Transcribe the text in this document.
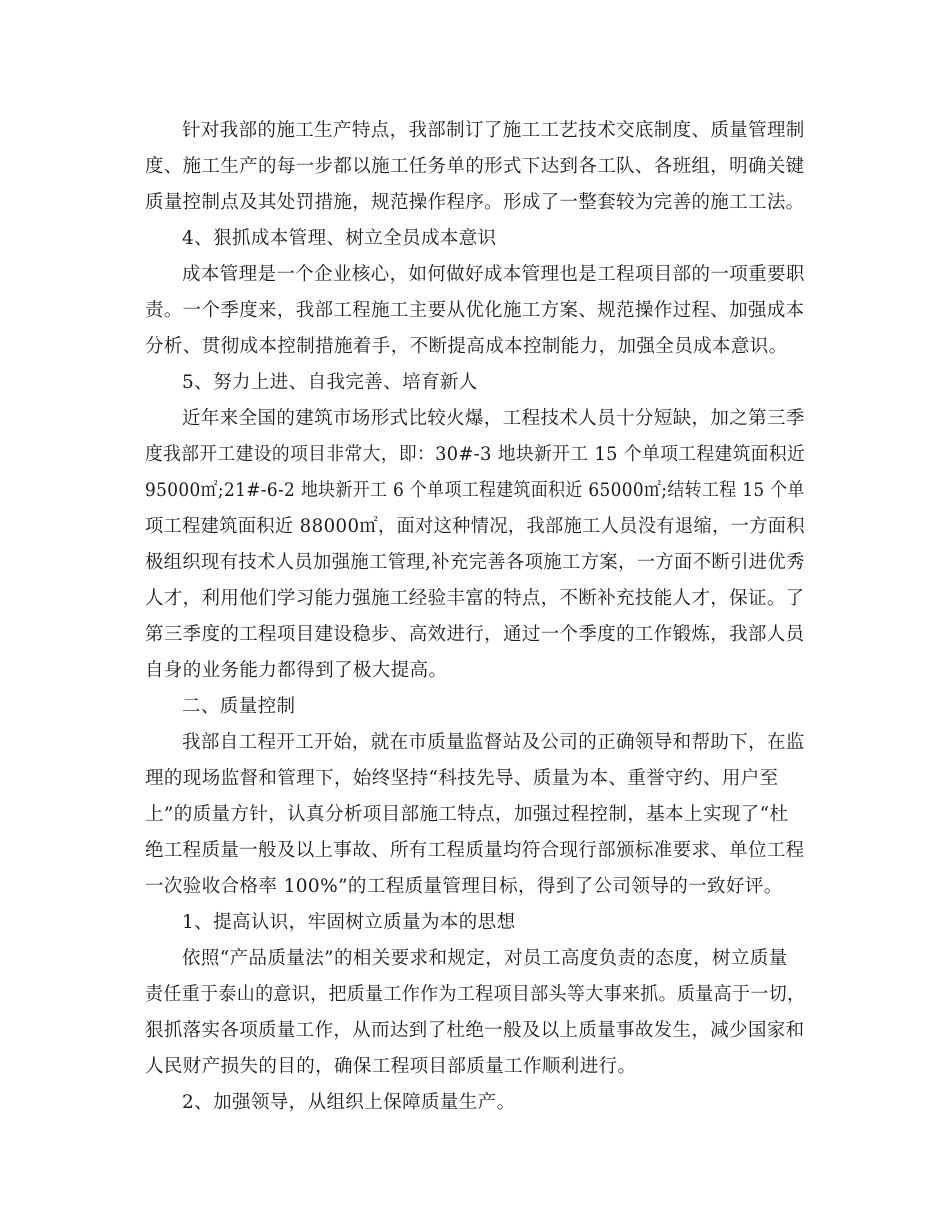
针对我部的施工生产特点，我部制订了施工工艺技术交底制度、质量管理制
度、施工生产的每一步都以施工任务单的形式下达到各工队、各班组，明确关键
质量控制点及其处罚措施，规范操作程序。形成了一整套较为完善的施工工法。
4、狠抓成本管理、树立全员成本意识
成本管理是一个企业核心，如何做好成本管理也是工程项目部的一项重要职
责。一个季度来，我部工程施工主要从优化施工方案、规范操作过程、加强成本
分析、贯彻成本控制措施着手，不断提高成本控制能力，加强全员成本意识。
5、努力上进、自我完善、培育新人
近年来全国的建筑市场形式比较火爆，工程技术人员十分短缺，加之第三季
度我部开工建设的项目非常大，即：30#-3 地块新开工 15 个单项工程建筑面积近
95000㎡;21#-6-2 地块新开工 6 个单项工程建筑面积近 65000㎡;结转工程 15 个单
项工程建筑面积近 88000㎡，面对这种情况，我部施工人员没有退缩，一方面积
极组织现有技术人员加强施工管理,补充完善各项施工方案，一方面不断引进优秀
人才，利用他们学习能力强施工经验丰富的特点，不断补充技能人才，保证。了
第三季度的工程项目建设稳步、高效进行，通过一个季度的工作锻炼，我部人员
自身的业务能力都得到了极大提高。
二、质量控制
我部自工程开工开始，就在市质量监督站及公司的正确领导和帮助下，在监
理的现场监督和管理下，始终坚持“科技先导、质量为本、重誉守约、用户至
上”的质量方针，认真分析项目部施工特点，加强过程控制，基本上实现了“杜
绝工程质量一般及以上事故、所有工程质量均符合现行部颁标准要求、单位工程
一次验收合格率 100%”的工程质量管理目标，得到了公司领导的一致好评。
1、提高认识，牢固树立质量为本的思想
依照“产品质量法”的相关要求和规定，对员工高度负责的态度，树立质量
责任重于泰山的意识，把质量工作作为工程项目部头等大事来抓。质量高于一切，
狠抓落实各项质量工作，从而达到了杜绝一般及以上质量事故发生，减少国家和
人民财产损失的目的，确保工程项目部质量工作顺利进行。
2、加强领导，从组织上保障质量生产。
